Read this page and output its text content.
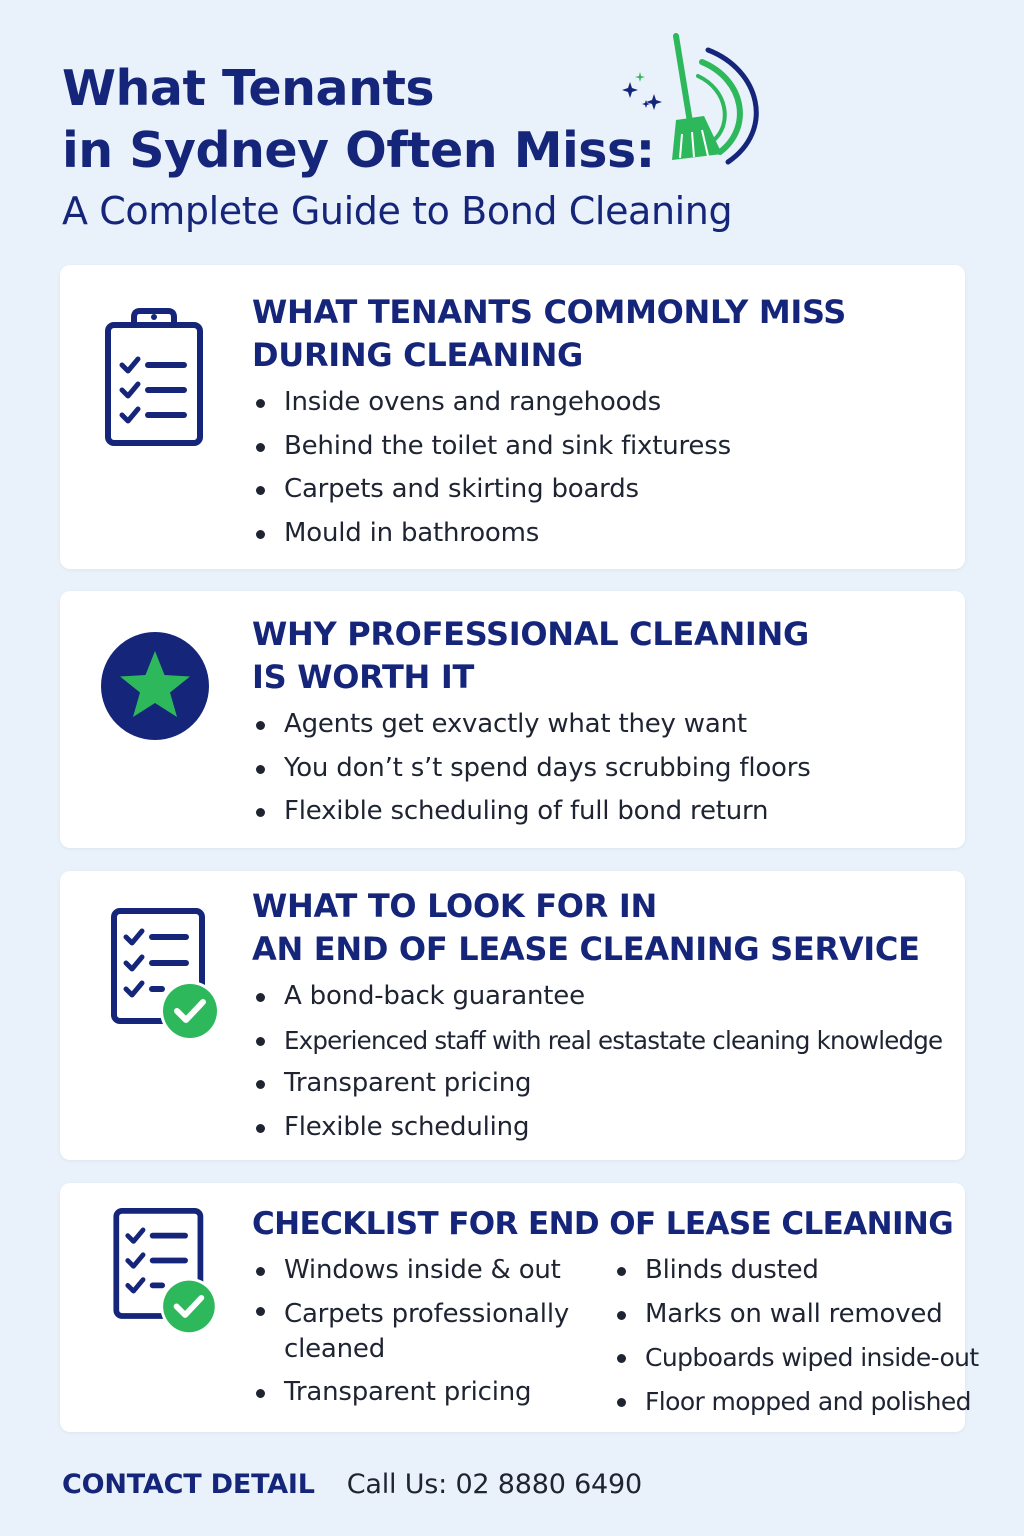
What Tenants
in Sydney Often Miss:
A Complete Guide to Bond Cleaning
WHAT TENANTS COMMONLY MISS
DURING CLEANING
Inside ovens and rangehoods
Behind the toilet and sink fixturess
Carpets and skirting boards
Mould in bathrooms
WHY PROFESSIONAL CLEANING
IS WORTH IT
Agents get exvactly what they want
You don’t s’t spend days scrubbing floors
Flexible scheduling of full bond return
WHAT TO LOOK FOR IN
AN END OF LEASE CLEANING SERVICE
A bond-back guarantee
Experienced staff with real estastate cleaning knowledge
Transparent pricing
Flexible scheduling
CHECKLIST FOR END OF LEASE CLEANING
Windows inside & out
Carpets professionally cleaned
Transparent pricing
Blinds dusted
Marks on wall removed
Cupboards wiped inside-out
Floor mopped and polished
CONTACT DETAIL Call Us: 02 8880 6490
